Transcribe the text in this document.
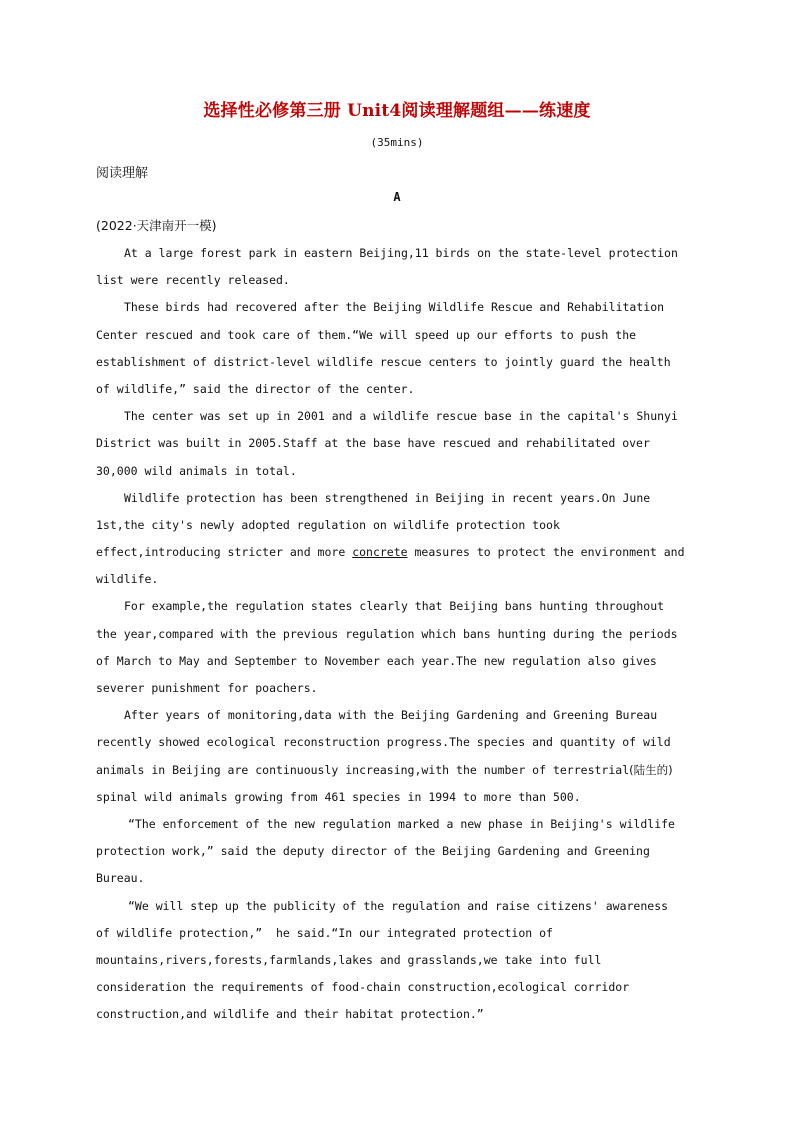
选择性必修第三册 Unit4阅读理解题组——练速度
(35mins)
阅读理解
A
(2022·天津南开一模)
At a large forest park in eastern Beijing,11 birds on the state-level protection
list were recently released.
These birds had recovered after the Beijing Wildlife Rescue and Rehabilitation
Center rescued and took care of them.“We will speed up our efforts to push the
establishment of district-level wildlife rescue centers to jointly guard the health
of wildlife,” said the director of the center.
The center was set up in 2001 and a wildlife rescue base in the capital's Shunyi
District was built in 2005.Staff at the base have rescued and rehabilitated over
30,000 wild animals in total.
Wildlife protection has been strengthened in Beijing in recent years.On June
1st,the city's newly adopted regulation on wildlife protection took
effect,introducing stricter and more concrete measures to protect the environment and
wildlife.
For example,the regulation states clearly that Beijing bans hunting throughout
the year,compared with the previous regulation which bans hunting during the periods
of March to May and September to November each year.The new regulation also gives
severer punishment for poachers.
After years of monitoring,data with the Beijing Gardening and Greening Bureau
recently showed ecological reconstruction progress.The species and quantity of wild
animals in Beijing are continuously increasing,with the number of terrestrial(陆生的)
spinal wild animals growing from 461 species in 1994 to more than 500.
“The enforcement of the new regulation marked a new phase in Beijing's wildlife
protection work,” said the deputy director of the Beijing Gardening and Greening
Bureau.
“We will step up the publicity of the regulation and raise citizens' awareness
of wildlife protection,”  he said.“In our integrated protection of
mountains,rivers,forests,farmlands,lakes and grasslands,we take into full
consideration the requirements of food-chain construction,ecological corridor
construction,and wildlife and their habitat protection.”
